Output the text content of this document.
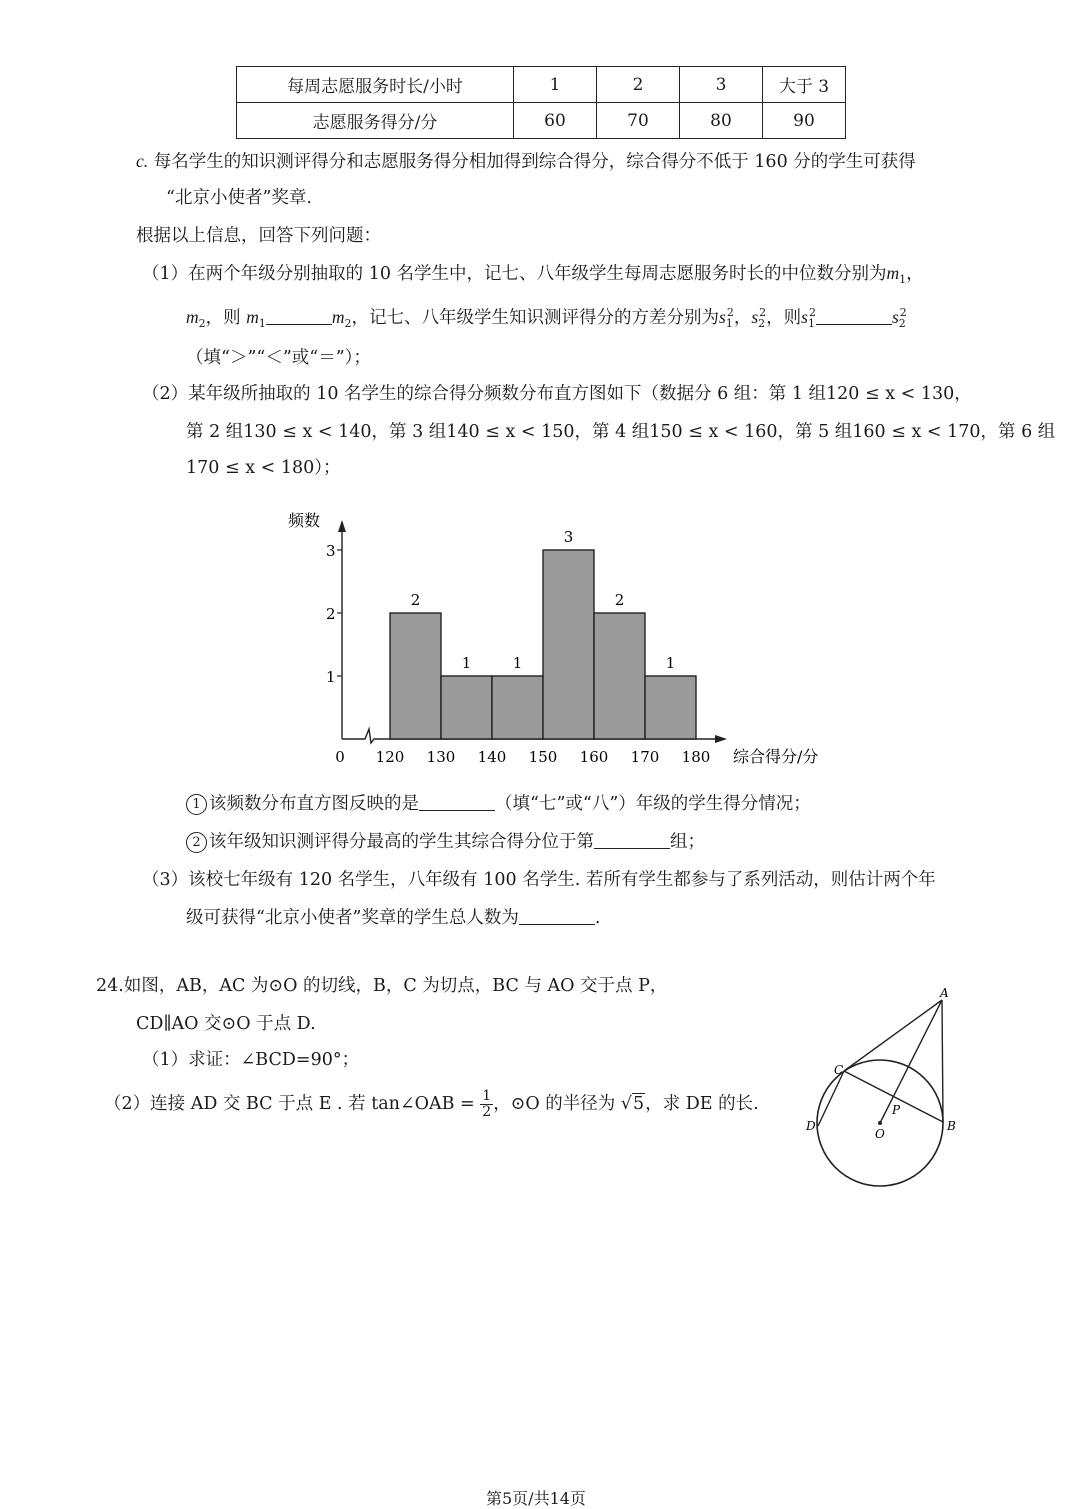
每周志愿服务时长/小时	1	2	3	大于 3
志愿服务得分/分	60	70	80	90
c. 每名学生的知识测评得分和志愿服务得分相加得到综合得分，综合得分不低于 160 分的学生可获得
“北京小使者”奖章.
根据以上信息，回答下列问题：
（1）在两个年级分别抽取的 10 名学生中，记七、八年级学生每周志愿服务时长的中位数分别为$m_1$，
$m_2$，则 $m_1$	$m_2$，记七、八年级学生知识测评得分的方差分别为$s_1^2$，$s_2^2$，则$s_1^2$	$s_2^2$
（填“＞”“＜”或“＝”）；
（2）某年级所抽取的 10 名学生的综合得分频数分布直方图如下（数据分 6 组：第 1 组120 ≤ x < 130，
第 2 组130 ≤ x < 140，第 3 组140 ≤ x < 150，第 4 组150 ≤ x < 160，第 5 组160 ≤ x < 170，第 6 组
170 ≤ x < 180）；
1
2
3
频数
2
1	1
3
2
1
0 120 130 140 150 160 170 180 综合得分/分
1 该频数分布直方图反映的是	（填“七”或“八”）年级的学生得分情况；
2 该年级知识测评得分最高的学生其综合得分位于第	组；
（3）该校七年级有 120 名学生，八年级有 100 名学生. 若所有学生都参与了系列活动，则估计两个年
级可获得“北京小使者”奖章的学生总人数为	.
24.如图，AB，AC 为⊙O 的切线，B，C 为切点，BC 与 AO 交于点 P，
CD∥AO 交⊙O 于点 D.
（1）求证：∠BCD=90°；
（2）连接 AD 交 BC 于点 E . 若 tan∠OAB = $\frac{1}{2}$ ，⊙O 的半径为 √5，求 DE 的长.
A
C
P
B
D
O
第5页/共14页
